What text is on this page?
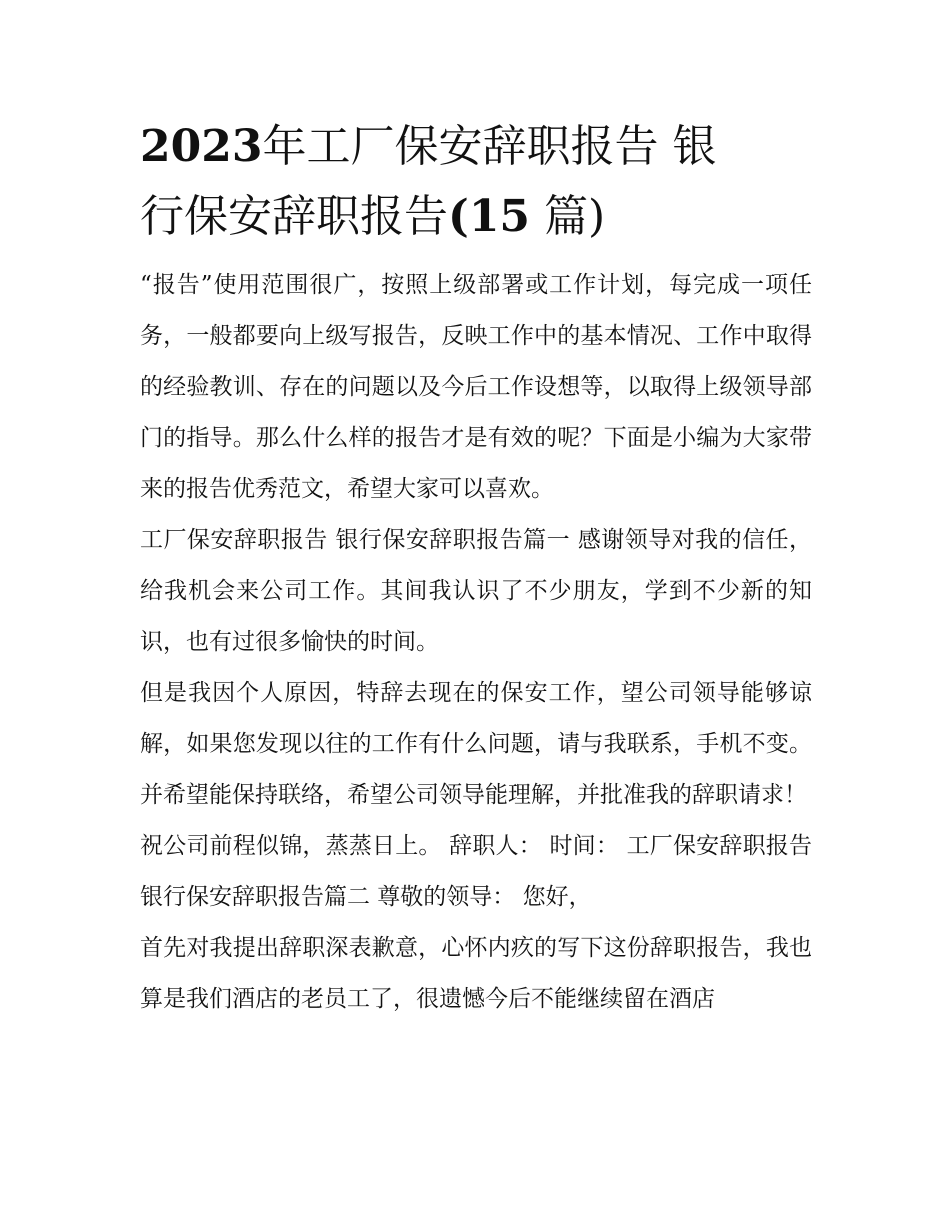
2023年工厂保安辞职报告 银
行保安辞职报告(15 篇)

“报告”使用范围很广，按照上级部署或工作计划，每完成一项任务，一般都要向上级写报告，反映工作中的基本情况、工作中取得的经验教训、存在的问题以及今后工作设想等，以取得上级领导部门的指导。那么什么样的报告才是有效的呢？下面是小编为大家带来的报告优秀范文，希望大家可以喜欢。

工厂保安辞职报告 银行保安辞职报告篇一 感谢领导对我的信任，给我机会来公司工作。其间我认识了不少朋友，学到不少新的知识，也有过很多愉快的时间。

但是我因个人原因，特辞去现在的保安工作，望公司领导能够谅解，如果您发现以往的工作有什么问题，请与我联系，手机不变。并希望能保持联络，希望公司领导能理解，并批准我的辞职请求！

祝公司前程似锦，蒸蒸日上。 辞职人： 时间： 工厂保安辞职报告 银行保安辞职报告篇二 尊敬的领导： 您好，

首先对我提出辞职深表歉意，心怀内疚的写下这份辞职报告，我也算是我们酒店的老员工了，很遗憾今后不能继续留在酒店
